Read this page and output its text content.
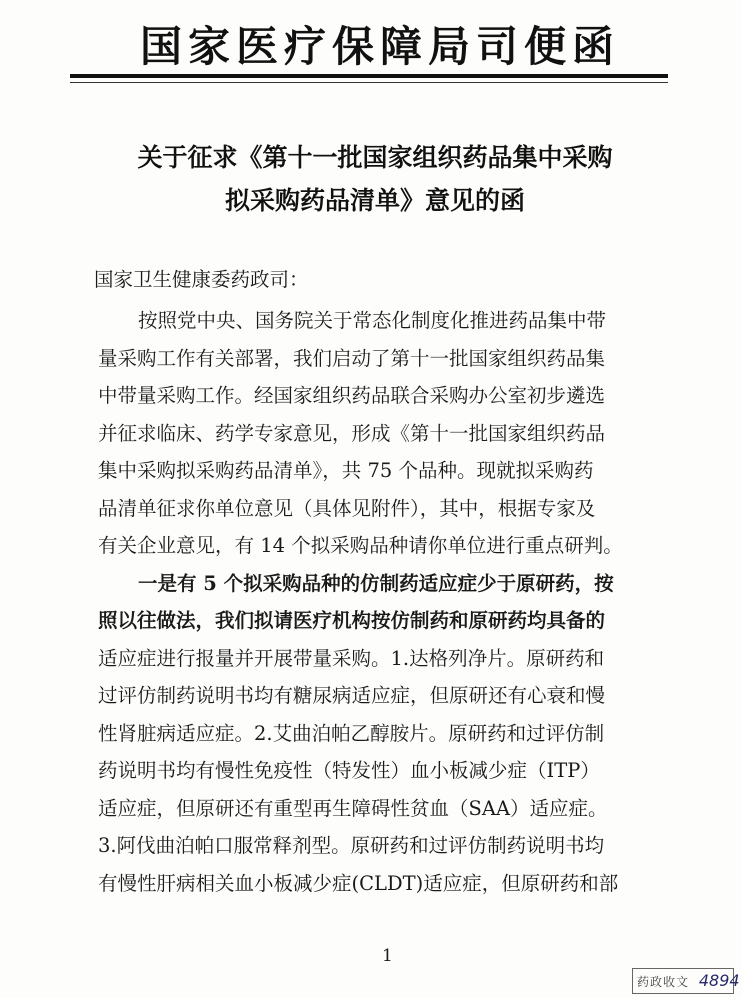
国家医疗保障局司便函
关于征求《第十一批国家组织药品集中采购
拟采购药品清单》意见的函
国家卫生健康委药政司：
按照党中央、国务院关于常态化制度化推进药品集中带
量采购工作有关部署，我们启动了第十一批国家组织药品集
中带量采购工作。经国家组织药品联合采购办公室初步遴选
并征求临床、药学专家意见，形成《第十一批国家组织药品
集中采购拟采购药品清单》，共 75 个品种。现就拟采购药
品清单征求你单位意见（具体见附件），其中，根据专家及
有关企业意见，有 14 个拟采购品种请你单位进行重点研判。
一是有 5 个拟采购品种的仿制药适应症少于原研药，按
照以往做法，我们拟请医疗机构按仿制药和原研药均具备的
适应症进行报量并开展带量采购。1.达格列净片。原研药和
过评仿制药说明书均有糖尿病适应症，但原研还有心衰和慢
性肾脏病适应症。2.艾曲泊帕乙醇胺片。原研药和过评仿制
药说明书均有慢性免疫性（特发性）血小板减少症（ITP）
适应症，但原研还有重型再生障碍性贫血（SAA）适应症。
3.阿伐曲泊帕口服常释剂型。原研药和过评仿制药说明书均
有慢性肝病相关血小板减少症(CLDT)适应症，但原研药和部
1
药政收文 4894
